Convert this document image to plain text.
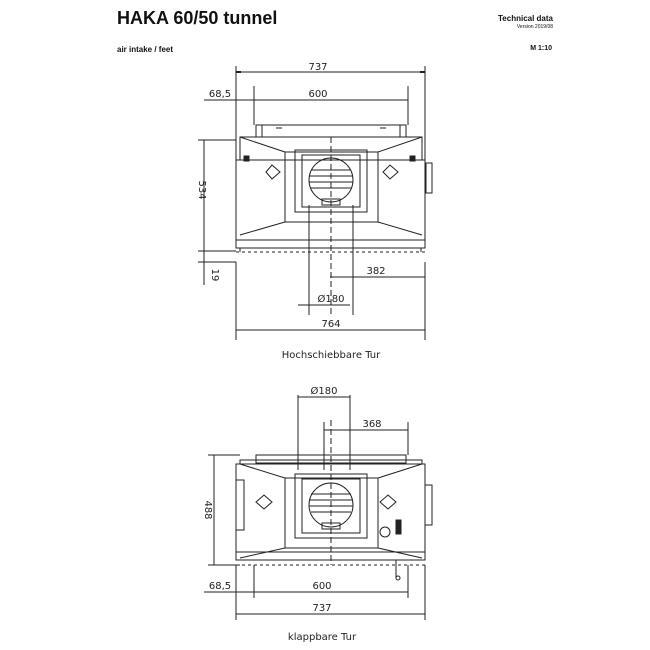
HAKA 60/50 tunnel
air intake / feet
Technical data
Version 2019/08
M 1:10
737
600
68,5
534
19	382
Ø180
764
Hochschiebbare Tur
Ø180
368
488
68,5	600
737
klappbare Tur
